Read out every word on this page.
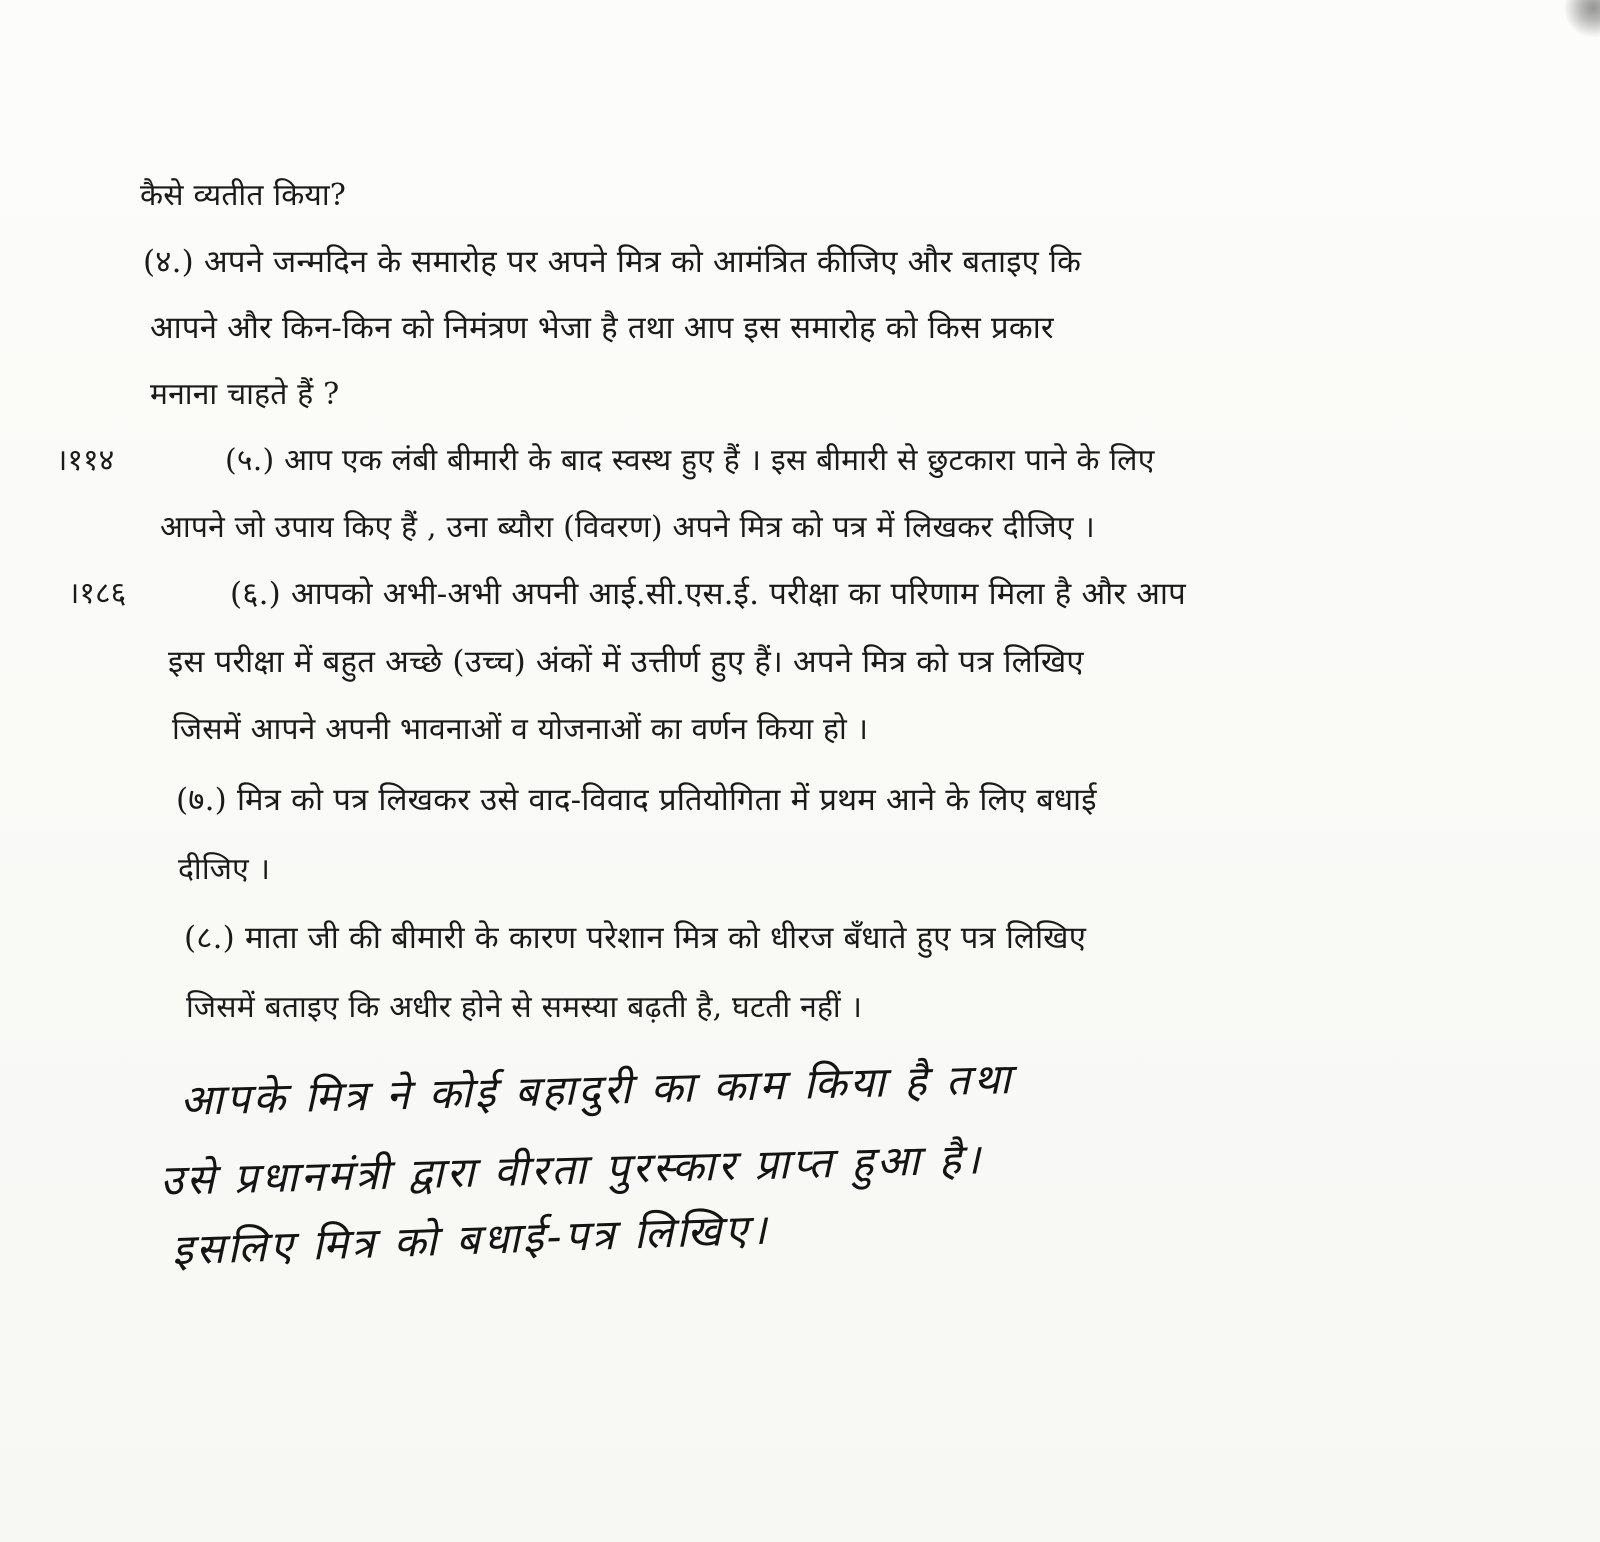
कैसे व्यतीत किया?
(४.) अपने जन्मदिन के समारोह पर अपने मित्र को आमंत्रित कीजिए और बताइए कि
आपने और किन-किन को निमंत्रण भेजा है तथा आप इस समारोह को किस प्रकार
मनाना चाहते हैं ?
।११४	(५.) आप एक लंबी बीमारी के बाद स्वस्थ हुए हैं । इस बीमारी से छुटकारा पाने के लिए
आपने जो उपाय किए हैं , उना ब्यौरा (विवरण) अपने मित्र को पत्र में लिखकर दीजिए ।
।१८६	(६.) आपको अभी-अभी अपनी आई.सी.एस.ई. परीक्षा का परिणाम मिला है और आप
इस परीक्षा में बहुत अच्छे (उच्च) अंकों में उत्तीर्ण हुए हैं। अपने मित्र को पत्र लिखिए
जिसमें आपने अपनी भावनाओं व योजनाओं का वर्णन किया हो ।
(७.) मित्र को पत्र लिखकर उसे वाद-विवाद प्रतियोगिता में प्रथम आने के लिए बधाई
दीजिए ।
(८.) माता जी की बीमारी के कारण परेशान मित्र को धीरज बँधाते हुए पत्र लिखिए
जिसमें बताइए कि अधीर होने से समस्या बढ़ती है, घटती नहीं ।
आपके मित्र ने कोई बहादुरी का काम किया है तथा
उसे प्रधानमंत्री द्वारा वीरता पुरस्कार प्राप्त हुआ है।
इसलिए मित्र को बधाई-पत्र लिखिए।
